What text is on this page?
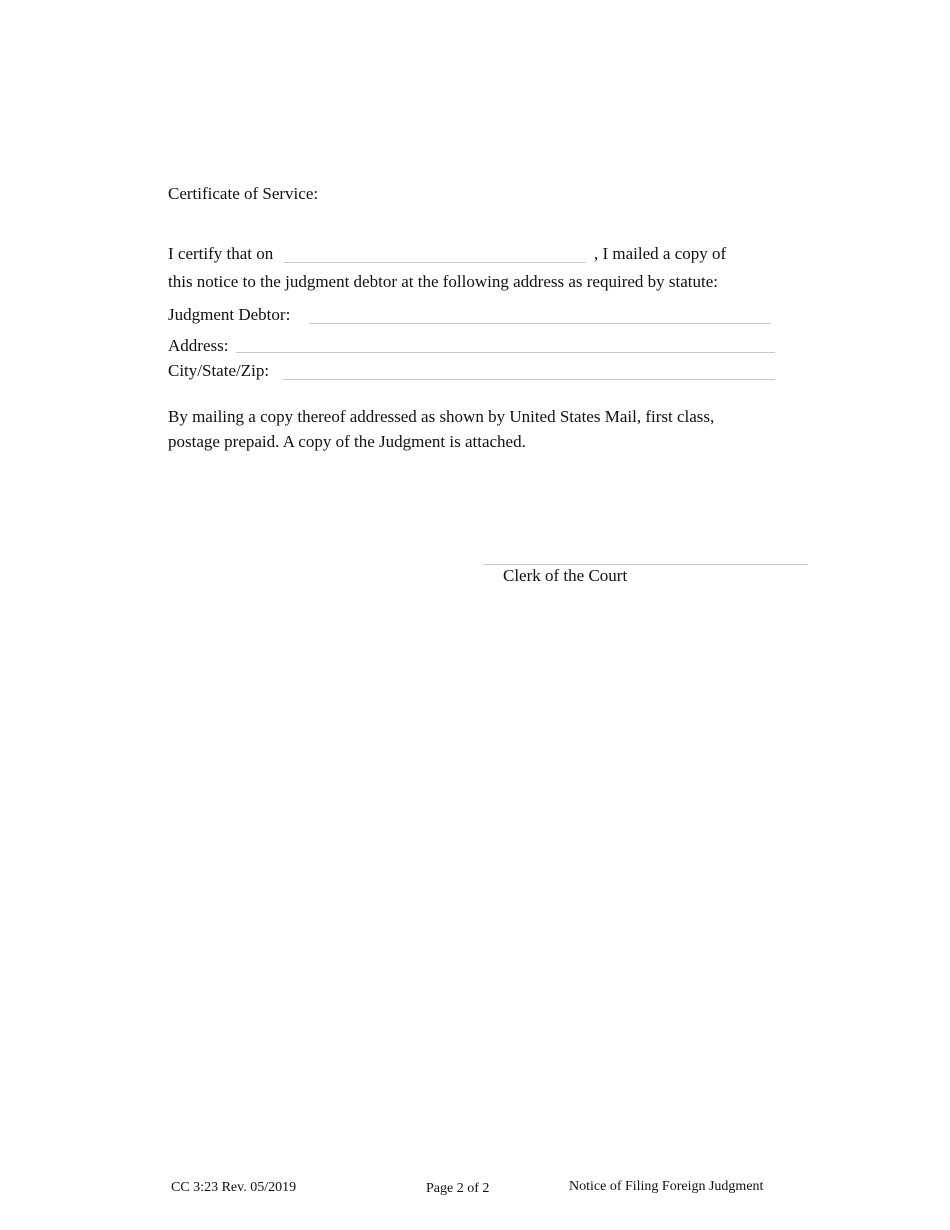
Certificate of Service:
I certify that on	, I mailed a copy of
this notice to the judgment debtor at the following address as required by statute:
Judgment Debtor:
Address:
City/State/Zip:
By mailing a copy thereof addressed as shown by United States Mail, first class,
postage prepaid. A copy of the Judgment is attached.
Clerk of the Court
CC 3:23 Rev. 05/2019	Page 2 of 2	Notice of Filing Foreign Judgment
